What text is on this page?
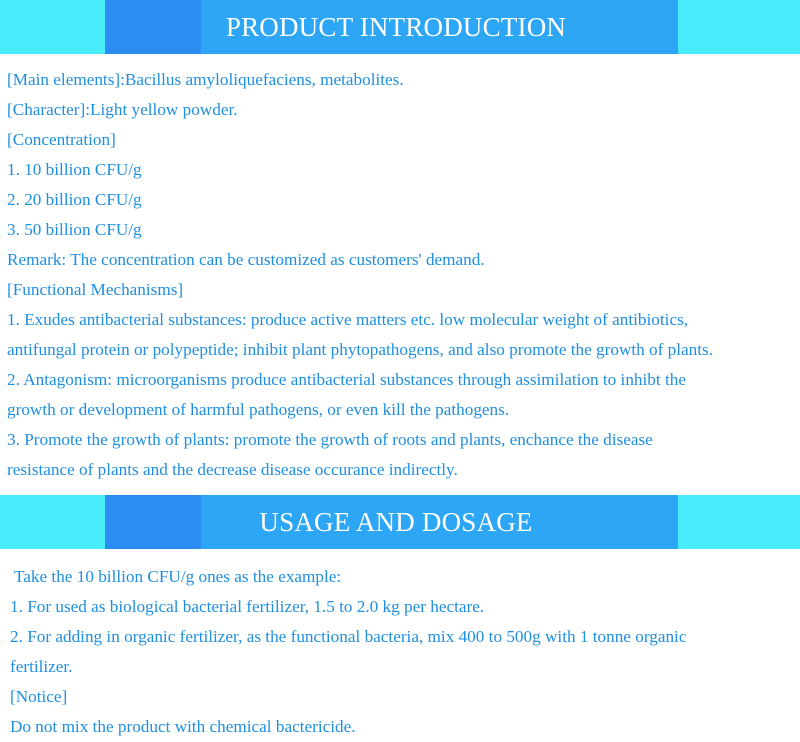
PRODUCT INTRODUCTION
[Main elements]:Bacillus amyloliquefaciens, metabolites.
[Character]:Light yellow powder.
[Concentration]
1. 10 billion CFU/g
2. 20 billion CFU/g
3. 50 billion CFU/g
Remark: The concentration can be customized as customers' demand.
[Functional Mechanisms]
1. Exudes antibacterial substances: produce active matters etc. low molecular weight of antibiotics,
antifungal protein or polypeptide; inhibit plant phytopathogens, and also promote the growth of plants.
2. Antagonism: microorganisms produce antibacterial substances through assimilation to inhibt the
growth or development of harmful pathogens, or even kill the pathogens.
3. Promote the growth of plants: promote the growth of roots and plants, enchance the disease
resistance of plants and the decrease disease occurance indirectly.
USAGE AND DOSAGE
Take the 10 billion CFU/g ones as the example:
1. For used as biological bacterial fertilizer, 1.5 to 2.0 kg per hectare.
2. For adding in organic fertilizer, as the functional bacteria, mix 400 to 500g with 1 tonne organic
fertilizer.
[Notice]
Do not mix the product with chemical bactericide.
